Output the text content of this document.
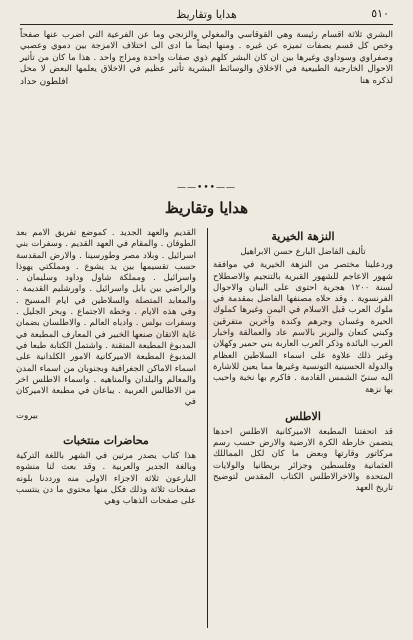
٥١٠
هدايا وتقاريظ

البشري ثلاثة اقسام رئيسة وهي القوقاسي والمغولي والزنجي وما عن الفرعية التي اضرب عنها صفحاً وخص كل قسم بصفات تميزه عن غيره . ومنها ايضاً ما ادى الى اختلاف الامزجة بين دموي وعصبي وصفراوي وسوداوي وغيرها بين ان كان البشر كلهم ذوي صفات واحدة ومزاج واحد . هذا ما كان من تأثير الاحوال الخارجية الطبيعية في الاخلاق والوسائط البشرية تأثير عظيم في الاخلاق يعلمها البعض لا محل لذكره هنا

افلطون حداد
——•••——
هدايا وتقاريظ
النزهة الخيرية
تأليف الفاضل البارع حسن الابراهيل

وردعلينا مختصر من النزهة الخيرية في موافقة شهور الاعاجم للشهور القبرية بالتنجيم والاصطلاح لسنة ١٢٠٠ هجرية احتوى على البيان والاحوال الفرنسوية . وقد حلاه مصنفها الفاضل بمقدمة في ملوك العرب قبل الاسلام في اليمن وغيرها كملوك الحيرة وغسان وجرهم وكندة وآخرين متفرقين وكبني كنعان والبربر بالاسم عاد والعمالقة واخبار العرب البائدة وذكر العرب العاربة بني حمير وكهلان وغير ذلك علاوة على اسماء السلاطين العظام والدولة الحسينية التونسية وغيرها مما يعين للاشارة اليه سنيّ الشمس القادمة . فاكرم بها نخبة واحبب بها نزهة

الاطلس

قد اتحفتنا المطبعة الاميركانية الاطلس احدها يتضمن خارطة الكرة الارضية والارض حسب رسم مركاتور وقارتها وبعض ما كان لكل المماللك العثمانية وفلسطين وجزائر بريطانيا والولايات المتحدة والاخرالاطلس الكتاب المقدس لتوضيح تاريخ العهد

القديم والعهد الجديد . كموضع تفريق الامم بعد الطوفان . والمقام في العهد القديم . وسفرات بني اسرائيل . وبلاد مصر وطورسينا . والارض المقدسة حسب تقسيمها بين يد يشوع . ومملكتي يهوذا واسرائيل . ومملكة شاول وداود وسليمان . والراضي بين بابل واسرائيل . واورشليم القديمة . والمعابد المتصلة والسلاطين في ايام المسيح . وفي هذه الايام . وخطة الاجتماع . وبحر الجليل . وسفرات بولس . وادباه العالم . والاطلسان بضمان غاية الاتقان صنعها الخبير في المعارف المطبعة في المدبوغ المطبعة المتقنة . واشتمل الكتابة طبعا في المدبوغ المطبعة الاميركانية الامور الكلدانية على اسماء الاماكن الجغرافية وبجنوبان من اسماء المدن والمعالم والبلدان والمناهيه . واسماء الاطلس اخر من الاطالس العربية . يباعان في مطبعة الاميركان في

بيروت
محاضرات منتخبات

هذا كتاب يصدر مرتين في الشهر باللغة التركية وبالغة الجدير والعربية . وقد بعث لنا منشوه البارعون ثلاثة الاجزاء الاولى منه ورددنا بلونه صفحات ثلاثة وذلك فكل منها محتوي ما دن ينتسب على صفحات الذهاب وهي
